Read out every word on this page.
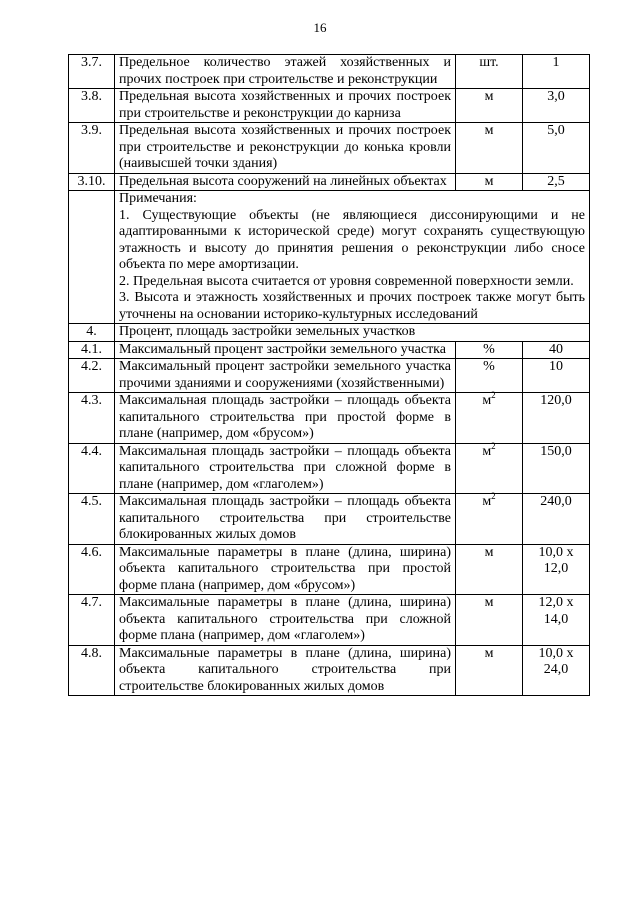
16
3.7.	Предельное количество этажей хозяйственных и прочих построек при строительстве и реконструкции	шт.	1
3.8.	Предельная высота хозяйственных и прочих построек при строительстве и реконструкции до карниза	м	3,0
3.9.	Предельная высота хозяйственных и прочих построек при строительстве и реконструкции до конька кровли (наивысшей точки здания)	м	5,0
3.10.	Предельная высота сооружений на линейных объектах	м	2,5

	Примечания:
1. Существующие объекты (не являющиеся диссонирующими и не адаптированными к исторической среде) могут сохранять существующую этажность и высоту до принятия решения о реконструкции либо сносе объекта по мере амортизации.
2. Предельная высота считается от уровня современной поверхности земли.
3. Высота и этажность хозяйственных и прочих построек также могут быть уточнены на основании историко-культурных исследований		

4.	Процент, площадь застройки земельных участков		
4.1.	Максимальный процент застройки земельного участка	%	40
4.2.	Максимальный процент застройки земельного участка прочими зданиями и сооружениями (хозяйственными)	%	10
4.3.	Максимальная площадь застройки – площадь объекта капитального строительства при простой форме в плане (например, дом «брусом»)	$м^2$	120,0
4.4.	Максимальная площадь застройки – площадь объекта капитального строительства при сложной форме в плане (например, дом «глаголем»)	$м^2$	150,0
4.5.	Максимальная площадь застройки – площадь объекта капитального строительства при строительстве блокированных жилых домов	$м^2$	240,0
4.6.	Максимальные параметры в плане (длина, ширина) объекта капитального строительства при простой форме плана (например, дом «брусом»)	м	10,0 х
12,0

4.7.	Максимальные параметры в плане (длина, ширина) объекта капитального строительства при сложной форме плана (например, дом «глаголем»)	м	12,0 х
14,0

4.8.	Максимальные параметры в плане (длина, ширина) объекта капитального строительства при строительстве блокированных жилых домов	м	10,0 х
24,0
